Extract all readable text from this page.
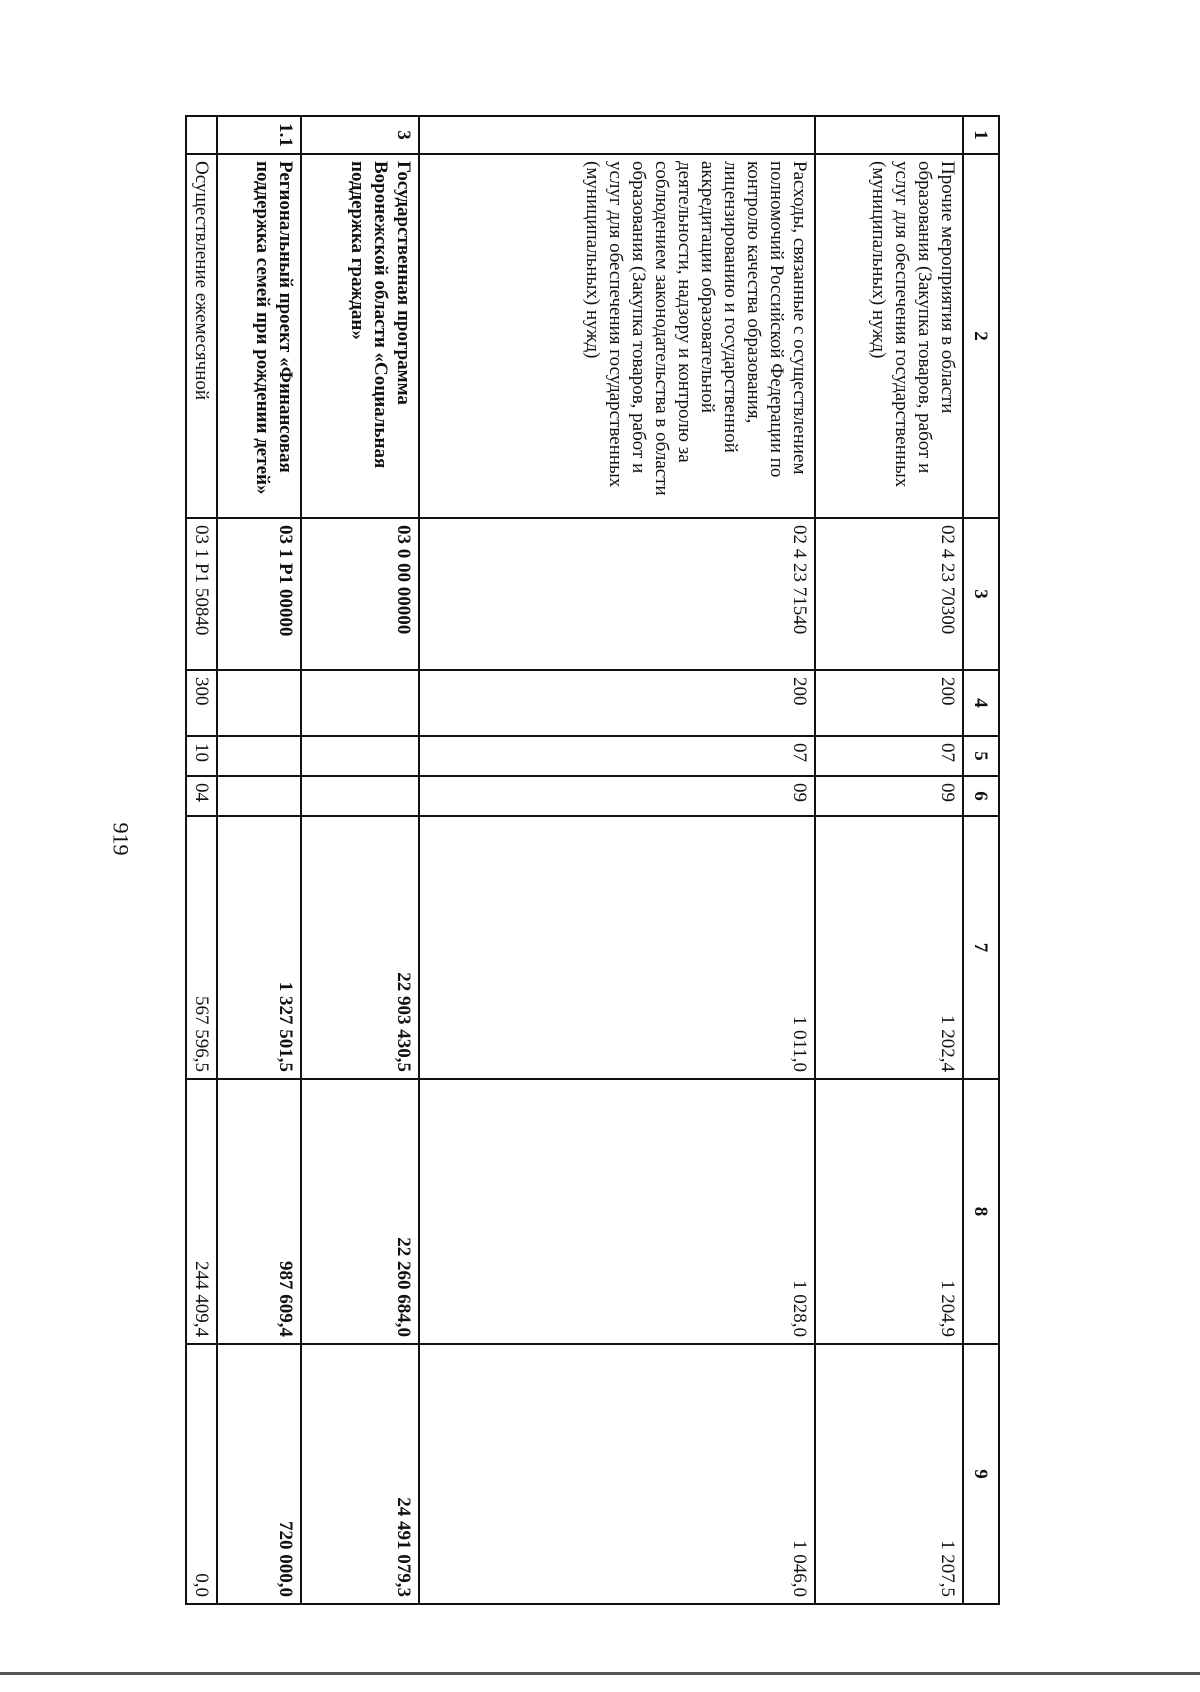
919
1	2	3	4	5	6	7	8	9
	Прочие мероприятия в области образования (Закупка товаров, работ и услуг для обеспечения государственных (муниципальных) нужд)	02 4 23 70300	200	07	09	1 202,4	1 204,9	1 207,5
	Расходы, связанные с осуществлением полномочий Российской Федерации по контролю качества образования, лицензированию и государственной аккредитации образовательной деятельности, надзору и контролю за соблюдением законодательства в области образования (Закупка товаров, работ и услуг для обеспечения государственных (муниципальных) нужд)	02 4 23 71540	200	07	09	1 011,0	1 028,0	1 046,0
3	Государственная программа Воронежской области «Социальная поддержка граждан»	03 0 00 00000				22 903 430,5	22 260 684,0	24 491 079,3
1.1	Региональный проект «Финансовая поддержка семей при рождении детей»	03 1 P1 00000				1 327 501,5	987 609,4	720 000,0
	Осуществление ежемесячной	03 1 P1 50840	300	10	04	567 596,5	244 409,4	0,0
